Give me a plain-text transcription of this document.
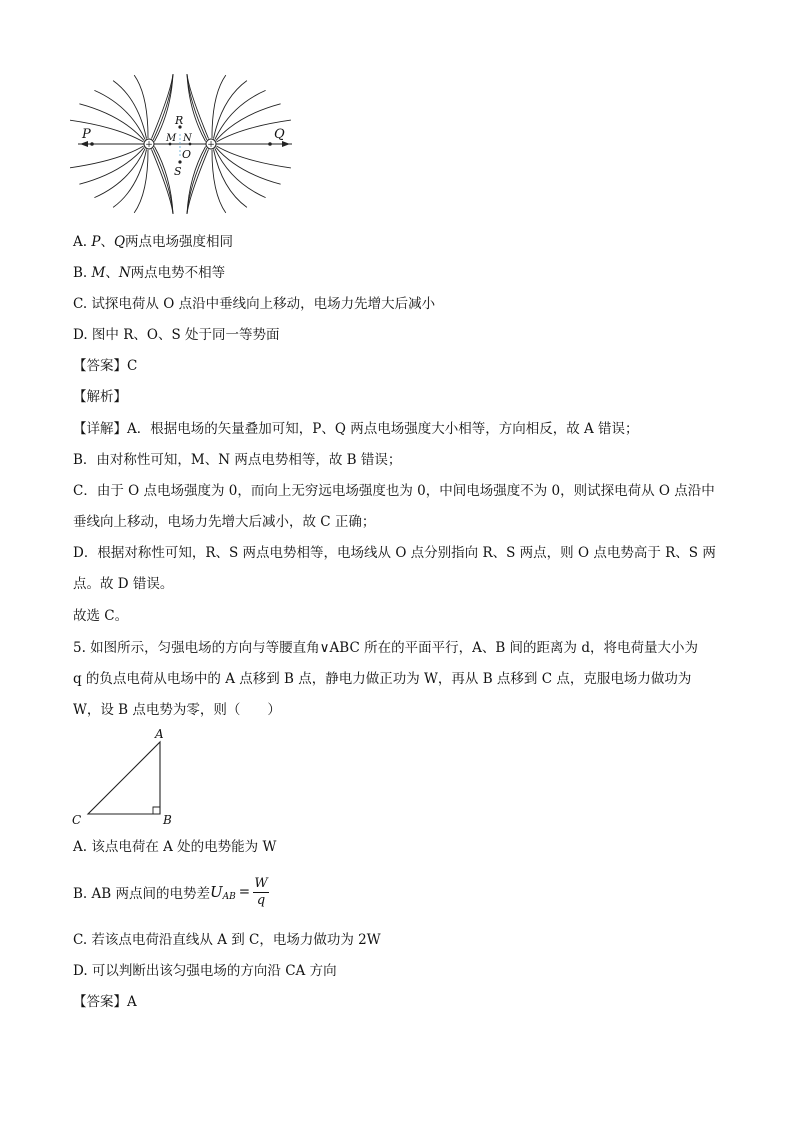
+	+
P	Q
R
M N
O
S
A. P、Q两点电场强度相同
B. M、N两点电势不相等
C. 试探电荷从 O 点沿中垂线向上移动，电场力先增大后减小
D. 图中 R、O、S 处于同一等势面
【答案】C
【解析】
【详解】A．根据电场的矢量叠加可知，P、Q 两点电场强度大小相等，方向相反，故 A 错误；
B．由对称性可知，M、N 两点电势相等，故 B 错误；
C．由于 O 点电场强度为 0，而向上无穷远电场强度也为 0，中间电场强度不为 0，则试探电荷从 O 点沿中
垂线向上移动，电场力先增大后减小，故 C 正确；
D．根据对称性可知，R、S 两点电势相等，电场线从 O 点分别指向 R、S 两点，则 O 点电势高于 R、S 两
点。故 D 错误。
故选 C。
5. 如图所示，匀强电场的方向与等腰直角∨ABC 所在的平面平行，A、B 间的距离为 d，将电荷量大小为
q 的负点电荷从电场中的 A 点移到 B 点，静电力做正功为 W，再从 B 点移到 C 点，克服电场力做功为
W，设 B 点电势为零，则（　　）
A
B
C
A. 该点电荷在 A 处的电势能为 W
B. AB 两点间的电势差 U AB =
W
q
C. 若该点电荷沿直线从 A 到 C，电场力做功为 2W
D. 可以判断出该匀强电场的方向沿 CA 方向
【答案】A
